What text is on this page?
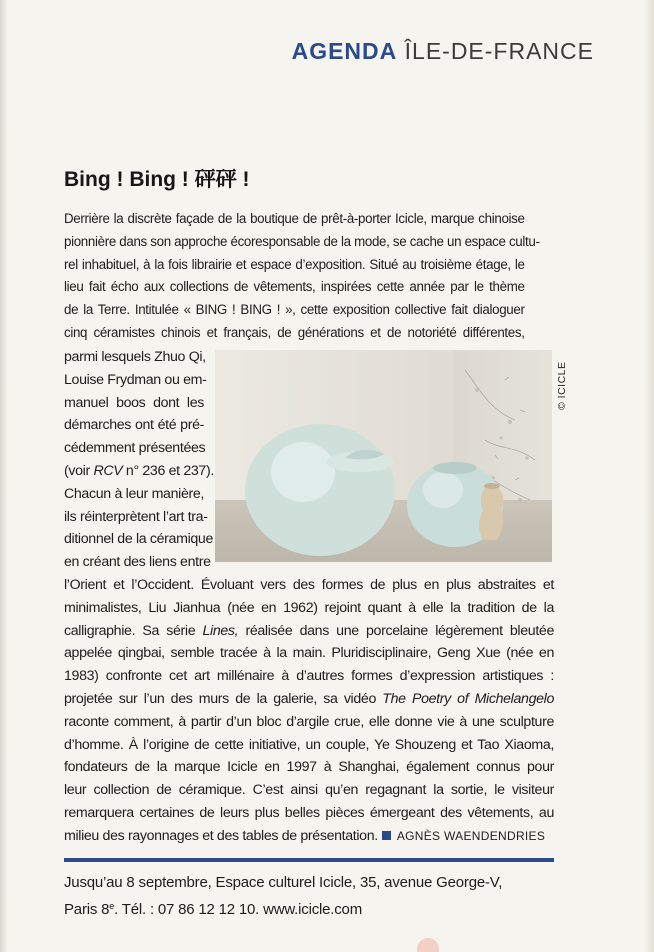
AGENDA ÎLE-DE-FRANCE
Bing ! Bing ! 砰砰 !
Derrière la discrète façade de la boutique de prêt-à-porter Icicle, marque chinoise
pionnière dans son approche écoresponsable de la mode, se cache un espace cultu-
rel inhabituel, à la fois librairie et espace d’exposition. Situé au troisième étage, le
lieu fait écho aux collections de vêtements, inspirées cette année par le thème
de la Terre. Intitulée « BING ! BING ! », cette exposition collective fait dialoguer
cinq céramistes chinois et français, de générations et de notoriété différentes,
parmi lesquels Zhuo Qi,
Louise Frydman ou em-
manuel boos dont les
démarches ont été pré-
cédemment présentées
(voir RCV n° 236 et 237).
Chacun à leur manière,
ils réinterprètent l’art tra-
ditionnel de la céramique
en créant des liens entre
© ICICLE
l’Orient et l’Occident. Évoluant vers des formes de plus en plus abstraites et
minimalistes, Liu Jianhua (née en 1962) rejoint quant à elle la tradition de la
calligraphie. Sa série Lines, réalisée dans une porcelaine légèrement bleutée
appelée qingbai, semble tracée à la main. Pluridisciplinaire, Geng Xue (née en
1983) confronte cet art millénaire à d’autres formes d’expression artistiques :
projetée sur l’un des murs de la galerie, sa vidéo The Poetry of Michelangelo
raconte comment, à partir d’un bloc d’argile crue, elle donne vie à une sculpture
d’homme. À l’origine de cette initiative, un couple, Ye Shouzeng et Tao Xiaoma,
fondateurs de la marque Icicle en 1997 à Shanghai, également connus pour
leur collection de céramique. C’est ainsi qu’en regagnant la sortie, le visiteur
remarquera certaines de leurs plus belles pièces émergeant des vêtements, au
milieu des rayonnages et des tables de présentation. AGNÈS WAENDENDRIES
Jusqu’au 8 septembre, Espace culturel Icicle, 35, avenue George-V,
Paris 8e. Tél. : 07 86 12 12 10. www.icicle.com
